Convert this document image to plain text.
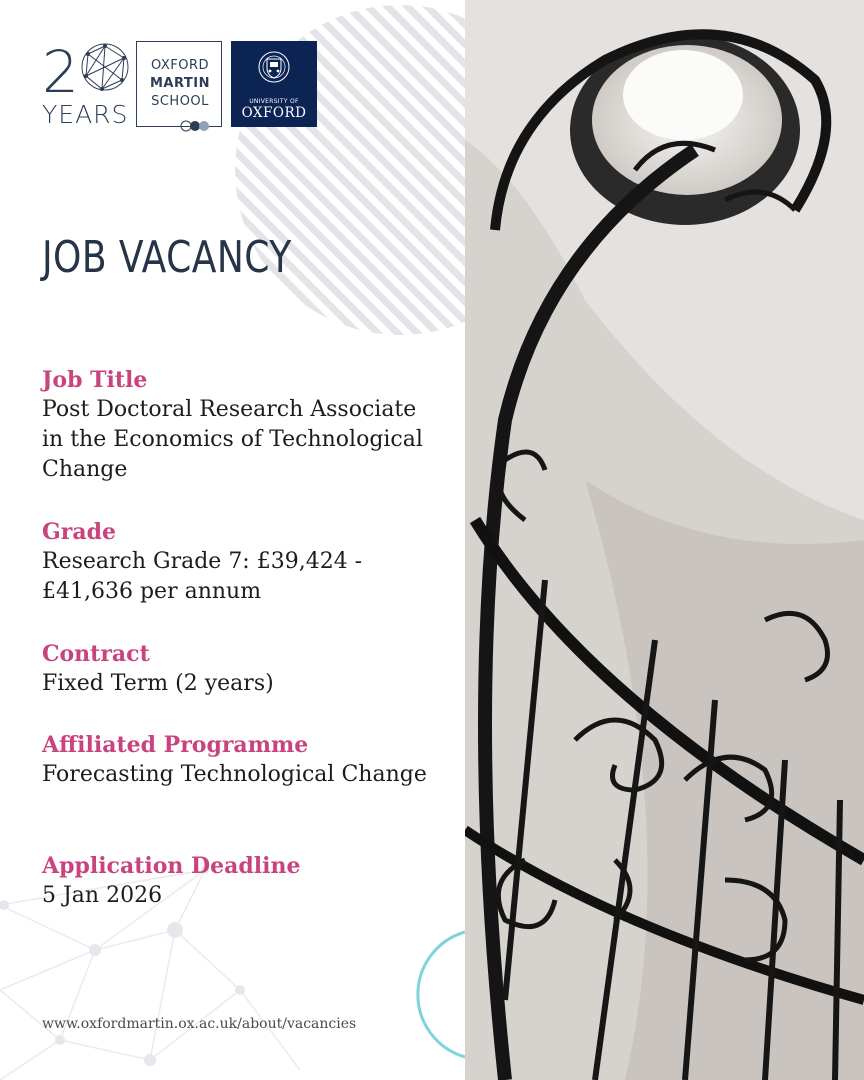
2
YEARS
OXFORD
MARTIN
SCHOOL	UNIVERSITY OF
OXFORD
JOB VACANCY
Job Title
Post Doctoral Research Associate in the Economics of Technological Change
Grade
Research Grade 7: £39,424 - £41,636 per annum
Contract
Fixed Term (2 years)
Affiliated Programme
Forecasting Technological Change
Application Deadline
5 Jan 2026
www.oxfordmartin.ox.ac.uk/about/vacancies
